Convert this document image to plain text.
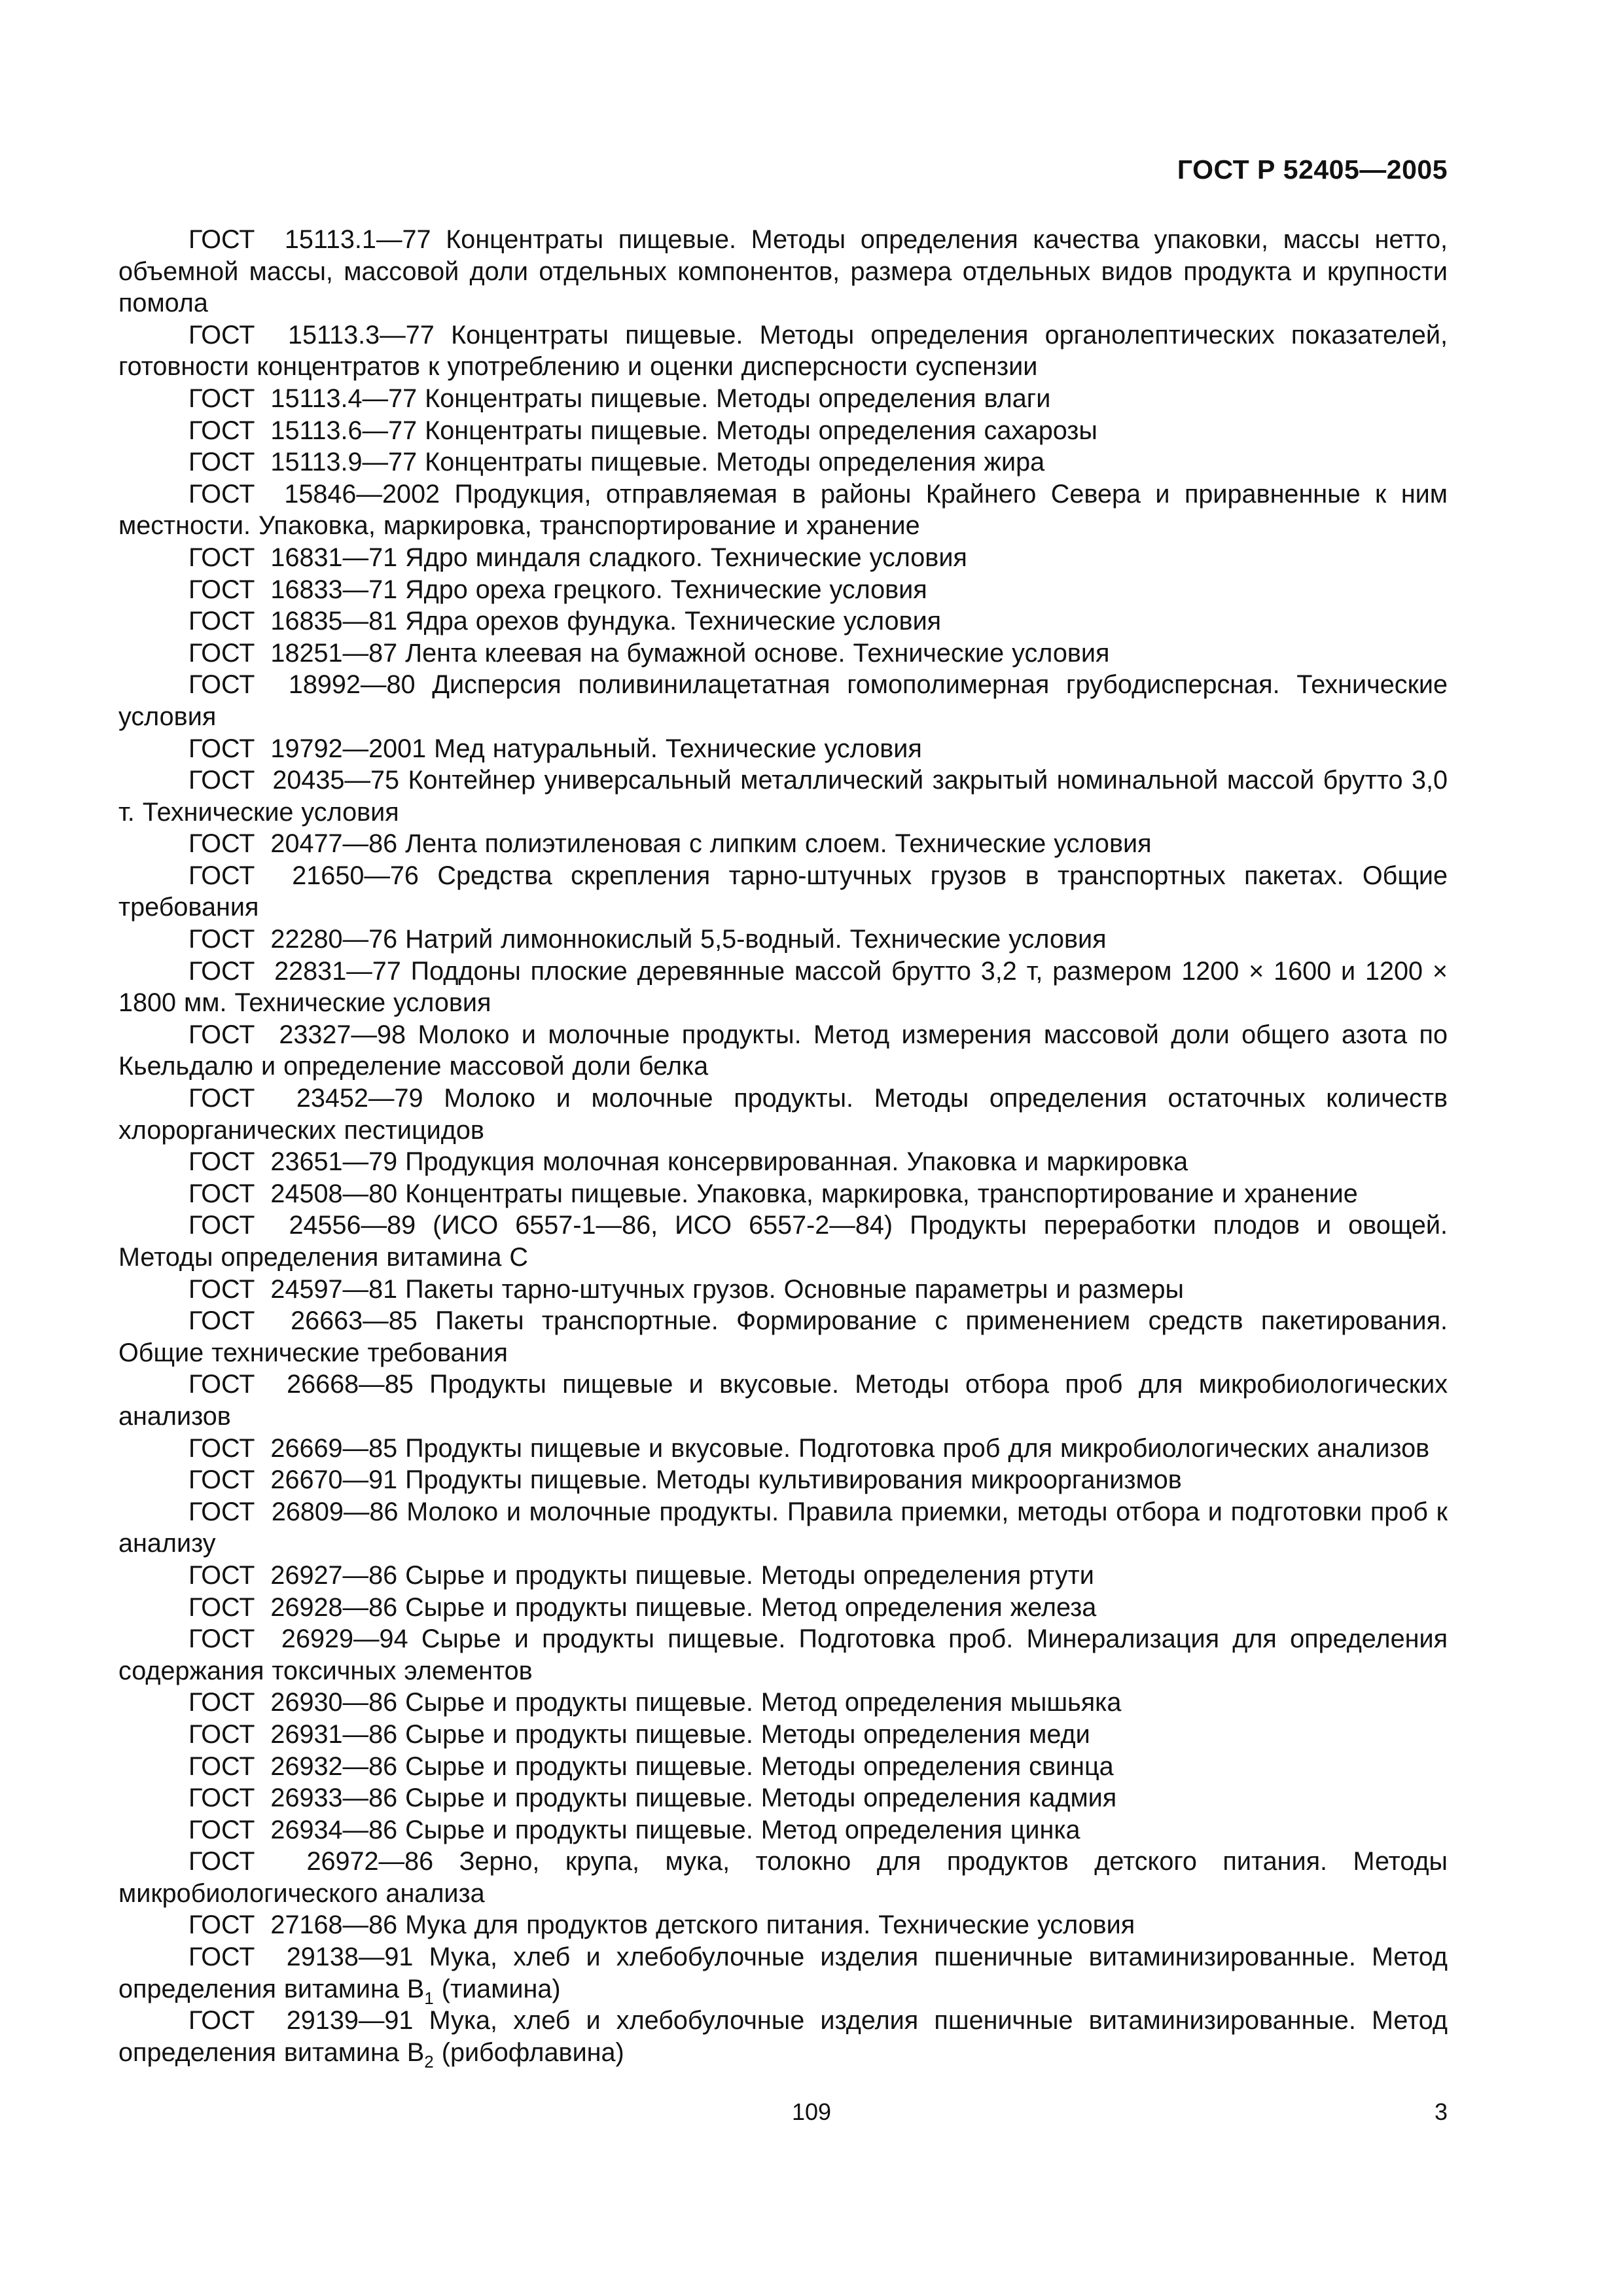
ГОСТ Р 52405—2005

ГОСТ  15113.1—77 Концентраты пищевые. Методы определения качества упаковки, массы нетто, объемной массы, массовой доли отдельных компонентов, размера отдельных видов продукта и крупности помола

ГОСТ  15113.3—77 Концентраты пищевые. Методы определения органолептических показателей, готовности концентратов к употреблению и оценки дисперсности суспензии

ГОСТ  15113.4—77 Концентраты пищевые. Методы определения влаги

ГОСТ  15113.6—77 Концентраты пищевые. Методы определения сахарозы

ГОСТ  15113.9—77 Концентраты пищевые. Методы определения жира

ГОСТ  15846—2002 Продукция, отправляемая в районы Крайнего Севера и приравненные к ним местности. Упаковка, маркировка, транспортирование и хранение

ГОСТ  16831—71 Ядро миндаля сладкого. Технические условия

ГОСТ  16833—71 Ядро ореха грецкого. Технические условия

ГОСТ  16835—81 Ядра орехов фундука. Технические условия

ГОСТ  18251—87 Лента клеевая на бумажной основе. Технические условия

ГОСТ  18992—80 Дисперсия поливинилацетатная гомополимерная грубодисперсная. Технические условия

ГОСТ  19792—2001 Мед натуральный. Технические условия

ГОСТ  20435—75 Контейнер универсальный металлический закрытый номинальной массой брутто 3,0 т. Технические условия

ГОСТ  20477—86 Лента полиэтиленовая с липким слоем. Технические условия

ГОСТ  21650—76 Средства скрепления тарно-штучных грузов в транспортных пакетах. Общие требования

ГОСТ  22280—76 Натрий лимоннокислый 5,5-водный. Технические условия

ГОСТ  22831—77 Поддоны плоские деревянные массой брутто 3,2 т, размером 1200 × 1600 и 1200 × 1800 мм. Технические условия

ГОСТ  23327—98 Молоко и молочные продукты. Метод измерения массовой доли общего азота по Кьельдалю и определение массовой доли белка

ГОСТ  23452—79 Молоко и молочные продукты. Методы определения остаточных количеств хлорорганических пестицидов

ГОСТ  23651—79 Продукция молочная консервированная. Упаковка и маркировка

ГОСТ  24508—80 Концентраты пищевые. Упаковка, маркировка, транспортирование и хранение

ГОСТ  24556—89 (ИСО 6557-1—86, ИСО 6557-2—84) Продукты переработки плодов и овощей. Методы определения витамина С

ГОСТ  24597—81 Пакеты тарно-штучных грузов. Основные параметры и размеры

ГОСТ  26663—85 Пакеты транспортные. Формирование с применением средств пакетирования. Общие технические требования

ГОСТ  26668—85 Продукты пищевые и вкусовые. Методы отбора проб для микробиологических анализов

ГОСТ  26669—85 Продукты пищевые и вкусовые. Подготовка проб для микробиологических анализов

ГОСТ  26670—91 Продукты пищевые. Методы культивирования микроорганизмов

ГОСТ  26809—86 Молоко и молочные продукты. Правила приемки, методы отбора и подготовки проб к анализу

ГОСТ  26927—86 Сырье и продукты пищевые. Методы определения ртути

ГОСТ  26928—86 Сырье и продукты пищевые. Метод определения железа

ГОСТ  26929—94 Сырье и продукты пищевые. Подготовка проб. Минерализация для определения содержания токсичных элементов

ГОСТ  26930—86 Сырье и продукты пищевые. Метод определения мышьяка

ГОСТ  26931—86 Сырье и продукты пищевые. Методы определения меди

ГОСТ  26932—86 Сырье и продукты пищевые. Методы определения свинца

ГОСТ  26933—86 Сырье и продукты пищевые. Методы определения кадмия

ГОСТ  26934—86 Сырье и продукты пищевые. Метод определения цинка

ГОСТ  26972—86 Зерно, крупа, мука, толокно для продуктов детского питания. Методы микробиологического анализа

ГОСТ  27168—86 Мука для продуктов детского питания. Технические условия

ГОСТ  29138—91 Мука, хлеб и хлебобулочные изделия пшеничные витаминизированные. Метод определения витамина $B_1$ (тиамина)

ГОСТ  29139—91 Мука, хлеб и хлебобулочные изделия пшеничные витаминизированные. Метод определения витамина $B_2$ (рибофлавина)

109	3
